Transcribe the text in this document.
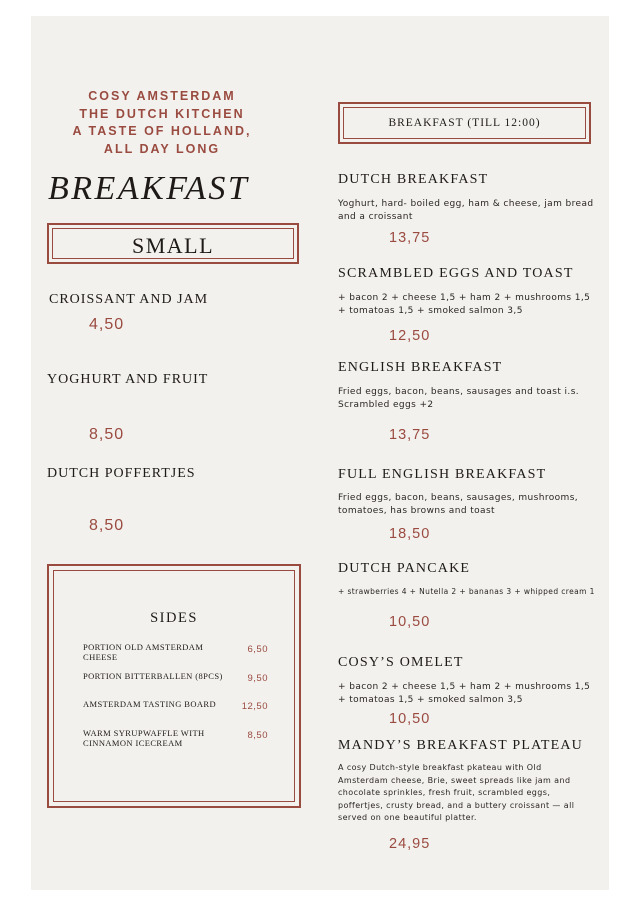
COSY AMSTERDAM
THE DUTCH KITCHEN
A TASTE OF HOLLAND,
ALL DAY LONG
BREAKFAST
SMALL
CROISSANT AND JAM
4,50
YOGHURT AND FRUIT
8,50
DUTCH POFFERTJES
8,50
SIDES
PORTION OLD AMSTERDAM CHEESE
6,50
PORTION BITTERBALLEN (8PCS)	9,50
AMSTERDAM TASTING BOARD	12,50
WARM SYRUPWAFFLE WITH CINNAMON ICECREAM
8,50
BREAKFAST (TILL 12:00)
DUTCH BREAKFAST
Yoghurt, hard- boiled egg, ham & cheese, jam bread and a croissant
13,75
SCRAMBLED EGGS AND TOAST
+ bacon 2 + cheese 1,5 + ham 2 + mushrooms 1,5 + tomatoas 1,5 + smoked salmon 3,5
12,50
ENGLISH BREAKFAST
Fried eggs, bacon, beans, sausages and toast i.s. Scrambled eggs +2
13,75
FULL ENGLISH BREAKFAST
Fried eggs, bacon, beans, sausages, mushrooms, tomatoes, has browns and toast
18,50
DUTCH PANCAKE
+ strawberries 4 + Nutella 2 + bananas 3 + whipped cream 1
10,50
COSY’S OMELET
+ bacon 2 + cheese 1,5 + ham 2 + mushrooms 1,5 + tomatoas 1,5 + smoked salmon 3,5
10,50
MANDY’S BREAKFAST PLATEAU
A cosy Dutch-style breakfast pkateau with Old Amsterdam cheese, Brie, sweet spreads like jam and chocolate sprinkles, fresh fruit, scrambled eggs, poffertjes, crusty bread, and a buttery croissant — all served on one beautiful platter.
24,95
